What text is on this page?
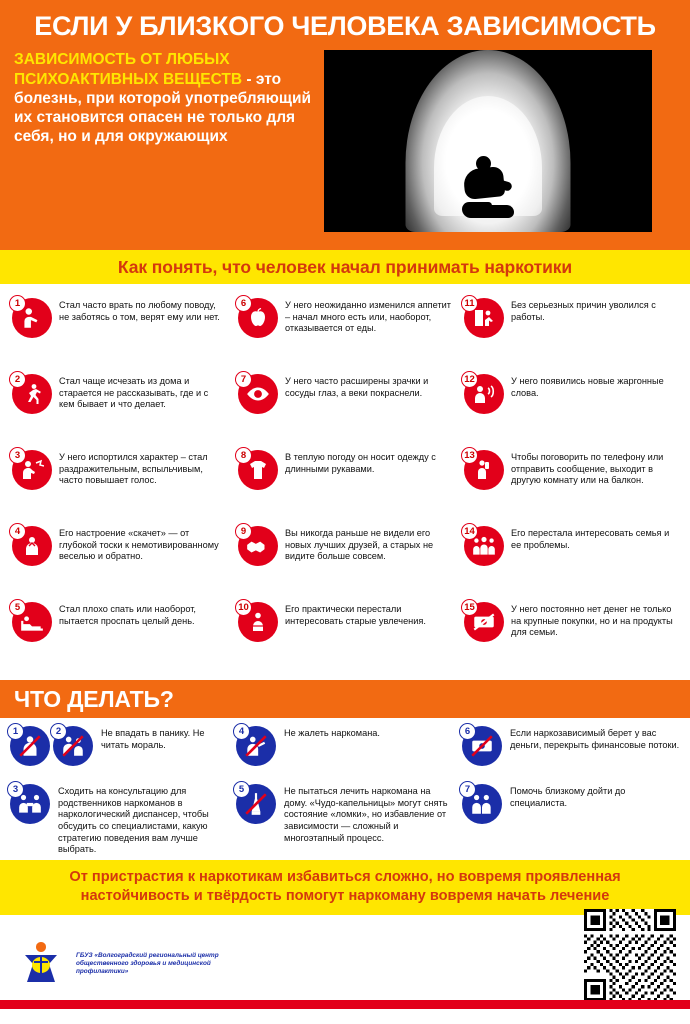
ЕСЛИ У БЛИЗКОГО ЧЕЛОВЕКА ЗАВИСИМОСТЬ
ЗАВИСИМОСТЬ ОТ ЛЮБЫХ ПСИХОАКТИВНЫХ ВЕЩЕСТВ - это болезнь, при которой употребляющий их становится опасен не только для себя, но и для окружающих
Как понять, что человек начал принимать наркотики
1	Стал часто врать по любому поводу, не заботясь о том, верят ему или нет.
6	У него неожиданно изменился аппетит – начал много есть или, наоборот, отказывается от еды.
11	Без серьезных причин уволился с работы.
2	Стал чаще исчезать из дома и старается не рассказывать, где и с кем бывает и что делает.
7	У него часто расширены зрачки и сосуды глаз, а веки покраснели.
12	У него появились новые жаргонные слова.
3	У него испортился характер – стал раздражительным, вспыльчивым, часто повышает голос.
8	В теплую погоду он носит одежду с длинными рукавами.
13	Чтобы поговорить по телефону или отправить сообщение, выходит в другую комнату или на балкон.
4	Его настроение «скачет» — от глубокой тоски к немотивированному веселью и обратно.
9	Вы никогда раньше не видели его новых лучших друзей, а старых не видите больше совсем.
14	Его перестала интересовать семья и ее проблемы.
5	Стал плохо спать или наоборот, пытается проспать целый день.
10	Его практически перестали интересовать старые увлечения.
15	У него постоянно нет денег не только на крупные покупки, но и на продукты для семьи.
ЧТО ДЕЛАТЬ?
1	2	Не впадать в панику. Не читать мораль.
4	Не жалеть наркомана.	6	Если наркозависимый берет у вас деньги, перекрыть финансовые потоки.
3	Сходить на консультацию для родственников наркоманов в наркологический диспансер, чтобы обсудить со специалистами, какую стратегию поведения вам лучше выбрать.
5	Не пытаться лечить наркомана на дому. «Чудо-капельницы» могут снять состояние «ломки», но избавление от зависимости — сложный и многоэтапный процесс.
7	Помочь близкому дойти до специалиста.
От пристрастия к наркотикам избавиться сложно, но вовремя проявленная настойчивость и твёрдость помогут наркоману вовремя начать лечение
ГБУЗ «Волгоградский региональный центр общественного здоровья и медицинской профилактики»
